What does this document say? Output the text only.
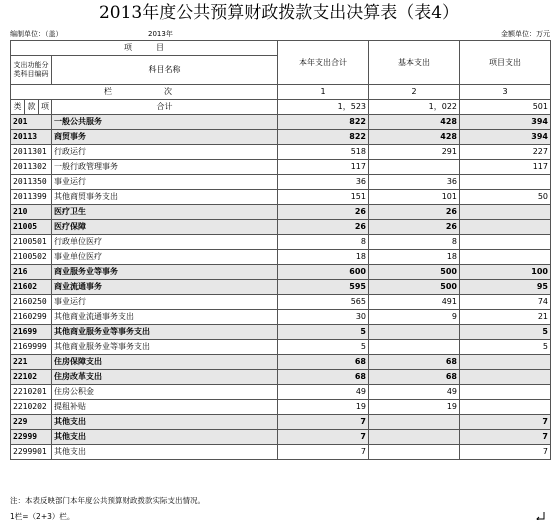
2013年度公共预算财政拨款支出决算表（表4）
编制单位：（盖）	2013年	金额单位：万元
项　　　目				本年支出合计	基本支出	项目支出
支出功能分类科目编码			科目名称			

栏　　次				1	2	3
类	款	项	合计	1，523	1，022	501
201			一般公共服务	822	428	394
20113			商贸事务	822	428	394
2011301			行政运行	518	291	227
2011302			一般行政管理事务	117		117
2011350			事业运行	36	36	
2011399			其他商贸事务支出	151	101	50
210			医疗卫生	26	26	
21005			医疗保障	26	26	
2100501			行政单位医疗	8	8	
2100502			事业单位医疗	18	18	
216			商业服务业等事务	600	500	100
21602			商业流通事务	595	500	95
2160250			事业运行	565	491	74
2160299			其他商业流通事务支出	30	9	21
21699			其他商业服务业等事务支出	5		5
2169999			其他商业服务业等事务支出	5		5
221			住房保障支出	68	68	
22102			住房改革支出	68	68	
2210201			住房公积金	49	49	
2210202			提租补贴	19	19	
229			其他支出	7		7
22999			其他支出	7		7
2299901			其他支出	7		7
注：本表反映部门本年度公共预算财政拨款实际支出情况。
1栏=（2+3）栏。
